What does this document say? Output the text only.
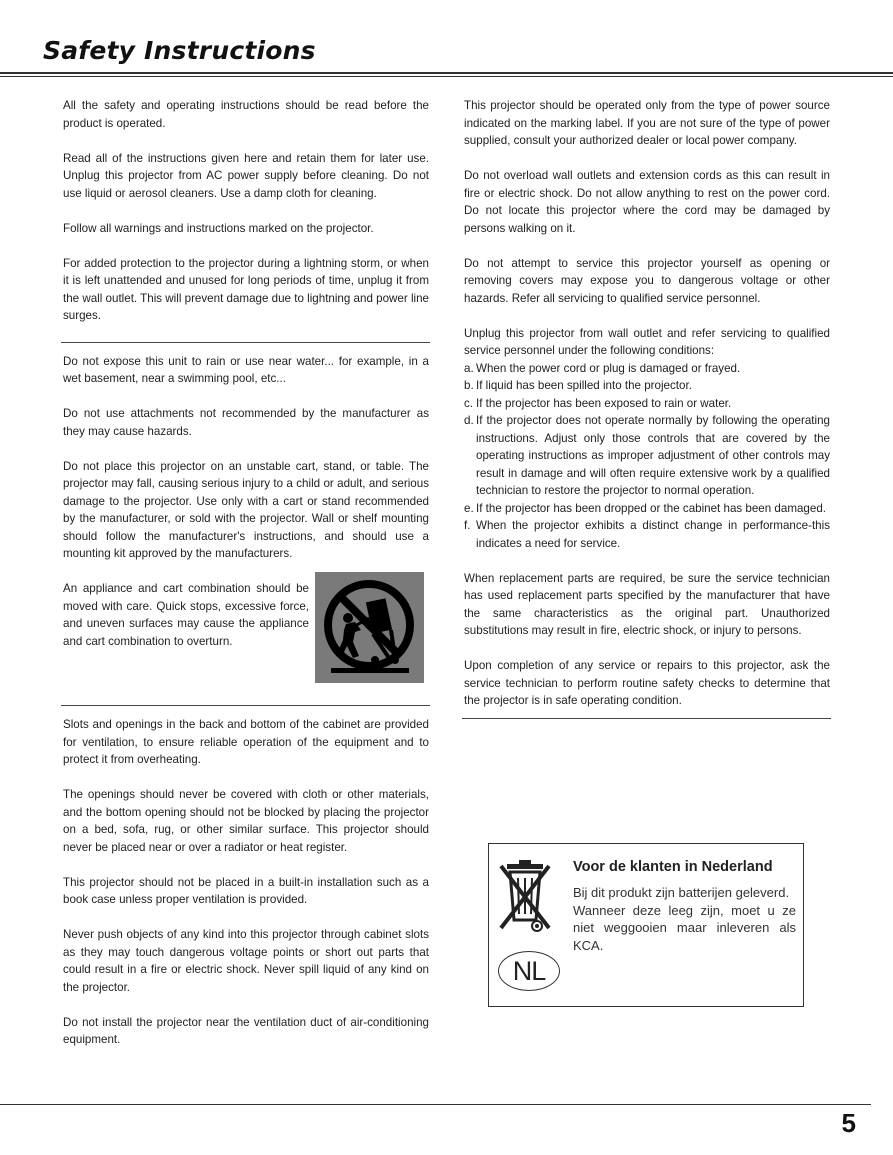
Safety Instructions

All the safety and operating instructions should be read before the product is operated.

Read all of the instructions given here and retain them for later use. Unplug this projector from AC power supply before cleaning. Do not use liquid or aerosol cleaners. Use a damp cloth for cleaning.

Follow all warnings and instructions marked on the projector.

For added protection to the projector during a lightning storm, or when it is left unattended and unused for long periods of time, unplug it from the wall outlet. This will prevent damage due to lightning and power line surges.

Do not expose this unit to rain or use near water... for example, in a wet basement, near a swimming pool, etc...

Do not use attachments not recommended by the manufacturer as they may cause hazards.

Do not place this projector on an unstable cart, stand, or table. The projector may fall, causing serious injury to a child or adult, and serious damage to the projector. Use only with a cart or stand recommended by the manufacturer, or sold with the projector. Wall or shelf mounting should follow the manufacturer's instructions, and should use a mounting kit approved by the manufacturers.

An appliance and cart combination should be moved with care. Quick stops, excessive force, and uneven surfaces may cause the appliance and cart combination to overturn.

Slots and openings in the back and bottom of the cabinet are provided for ventilation, to ensure reliable operation of the equipment and to protect it from overheating.

The openings should never be covered with cloth or other materials, and the bottom opening should not be blocked by placing the projector on a bed, sofa, rug, or other similar surface. This projector should never be placed near or over a radiator or heat register.

This projector should not be placed in a built-in installation such as a book case unless proper ventilation is provided.

Never push objects of any kind into this projector through cabinet slots as they may touch dangerous voltage points or short out parts that could result in a fire or electric shock. Never spill liquid of any kind on the projector.

Do not install the projector near the ventilation duct of air-conditioning equipment.

This projector should be operated only from the type of power source indicated on the marking label. If you are not sure of the type of power supplied, consult your authorized dealer or local power company.

Do not overload wall outlets and extension cords as this can result in fire or electric shock. Do not allow anything to rest on the power cord. Do not locate this projector where the cord may be damaged by persons walking on it.

Do not attempt to service this projector yourself as opening or removing covers may expose you to dangerous voltage or other hazards. Refer all servicing to qualified service personnel.

Unplug this projector from wall outlet and refer servicing to qualified service personnel under the following conditions:

a. When the power cord or plug is damaged or frayed.
b. If liquid has been spilled into the projector.
c. If the projector has been exposed to rain or water.
d. If the projector does not operate normally by following the operating instructions. Adjust only those controls that are covered by the operating instructions as improper adjustment of other controls may result in damage and will often require extensive work by a qualified technician to restore the projector to normal operation.
e. If the projector has been dropped or the cabinet has been damaged.
f. When the projector exhibits a distinct change in performance-this indicates a need for service.

When replacement parts are required, be sure the service technician has used replacement parts specified by the manufacturer that have the same characteristics as the original part. Unauthorized substitutions may result in fire, electric shock, or injury to persons.

Upon completion of any service or repairs to this projector, ask the service technician to perform routine safety checks to determine that the projector is in safe operating condition.

NL
Voor de klanten in Nederland

Bij dit produkt zijn batterijen geleverd.

Wanneer deze leeg zijn, moet u ze niet weggooien maar inleveren als KCA.

5
